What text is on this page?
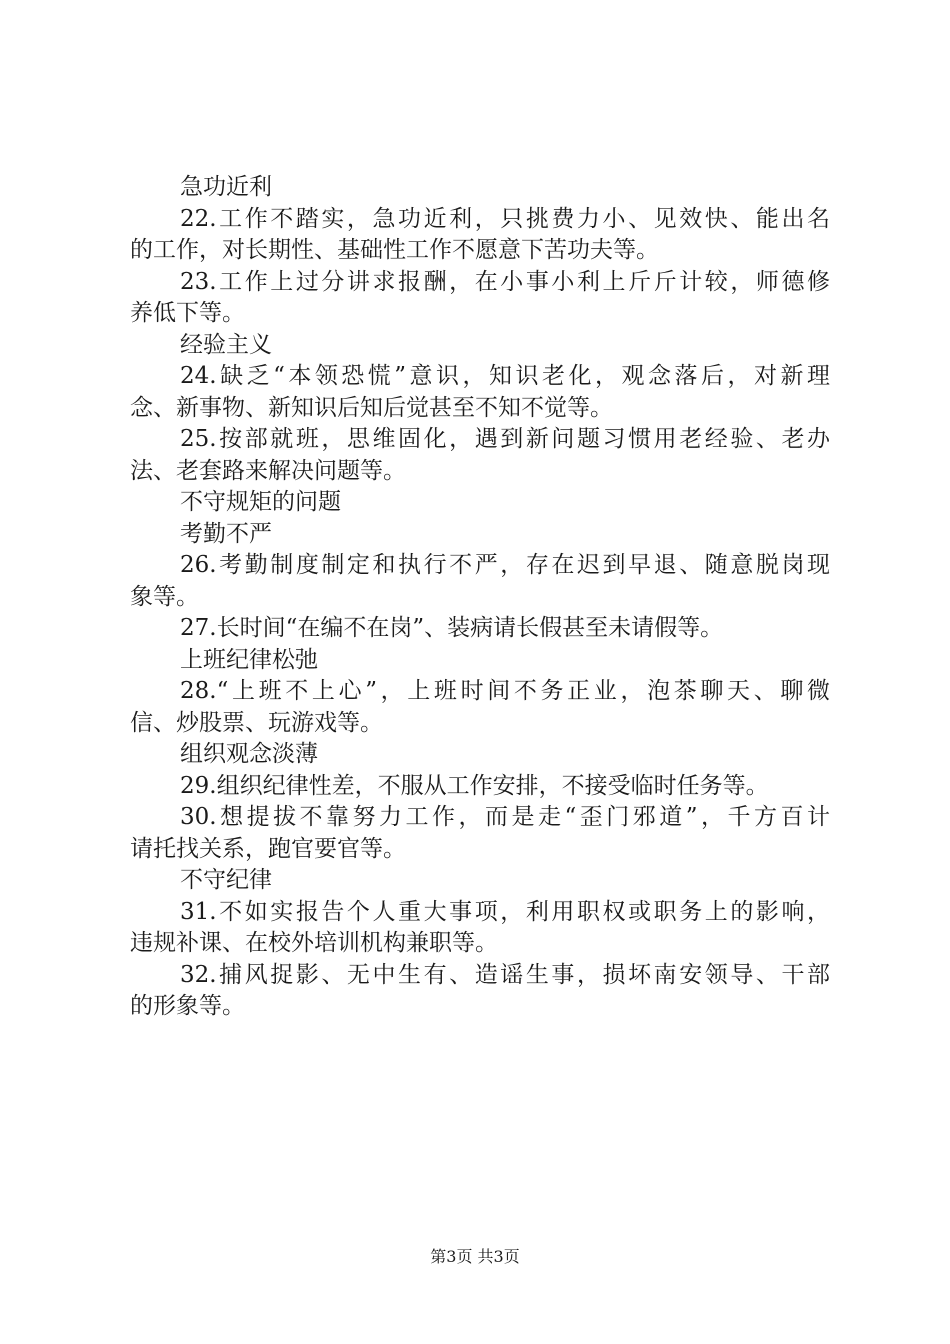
急功近利
22.工作不踏实，急功近利，只挑费力小、见效快、能出名
的工作，对长期性、基础性工作不愿意下苦功夫等。
23.工作上过分讲求报酬，在小事小利上斤斤计较，师德修
养低下等。
经验主义
24.缺乏“本领恐慌”意识，知识老化，观念落后，对新理
念、新事物、新知识后知后觉甚至不知不觉等。
25.按部就班，思维固化，遇到新问题习惯用老经验、老办
法、老套路来解决问题等。
不守规矩的问题
考勤不严
26.考勤制度制定和执行不严，存在迟到早退、随意脱岗现
象等。
27.长时间“在编不在岗”、装病请长假甚至未请假等。
上班纪律松弛
28.“上班不上心”，上班时间不务正业，泡茶聊天、聊微
信、炒股票、玩游戏等。
组织观念淡薄
29.组织纪律性差，不服从工作安排，不接受临时任务等。
30.想提拔不靠努力工作，而是走“歪门邪道”，千方百计
请托找关系，跑官要官等。
不守纪律
31.不如实报告个人重大事项，利用职权或职务上的影响，
违规补课、在校外培训机构兼职等。
32.捕风捉影、无中生有、造谣生事，损坏南安领导、干部
的形象等。
第3页 共3页
